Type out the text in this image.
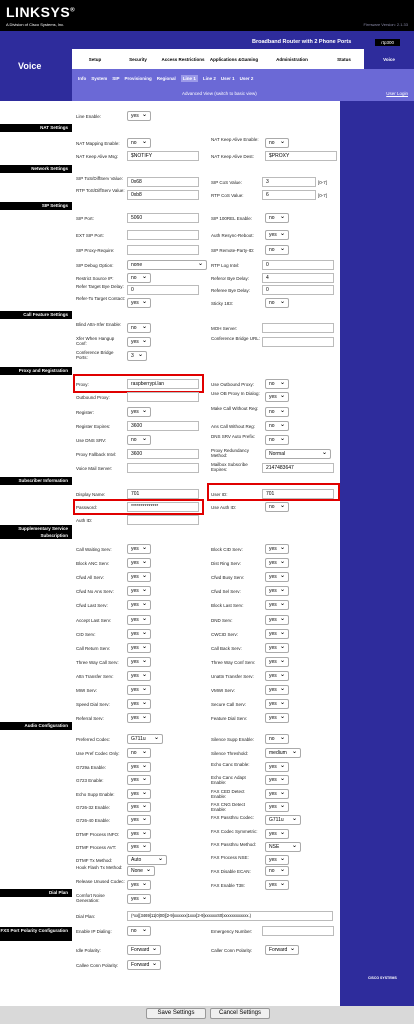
LINKSYS®
A Division of Cisco Systems, Inc.	Firmware Version: 2.1.33
Voice
Broadband Router with 2 Phone Ports	rtp300
Setup	Security	Access Restrictions	Applications &Gaming	Administration	Status	Voice
Info System SIP Provisioning Regional	Line 1	Line 2 User 1 User 2
Advanced View (switch to basic view)	User Login
CISCO SYSTEMS
NAT Settings
Network Settings
SIP Settings
Call Feature Settings
Proxy and Registration
Subscriber Information
Supplementary Service Subscription
Audio Configuration
Dial Plan
FXS Port Polarity Configuration
Line Enable:	yes ⌄
NAT Mapping Enable:	no ⌄
NAT Keep Alive Enable:
no ⌄
NAT Keep Alive Msg:	$NOTIFY	NAT Keep Alive Dest:	$PROXY
SIP ToS/DiffServ Value:
0x68	SIP CoS Value:	3	[0-7]
RTP ToS/DiffServ Value:
0xb8	RTP CoS Value:	6	[0-7]
SIP Port:	5060	SIP 100REL Enable:	no ⌄
EXT SIP Port:	Auth Resync-Reboot:	yes ⌄
SIP Proxy-Require:	SIP Remote-Party-ID:	no ⌄
SIP Debug Option:	none ⌄	RTP Log Intvl:	0
Restrict Source IP:	no ⌄	Referor Bye Delay:	4
Refer Target Bye Delay:
0	Referee Bye Delay:	0
Refer-To Target Contact:
yes ⌄	Sticky 183:	no ⌄
Blind Attn-Xfer Enable:
no ⌄	MOH Server:
Xfer When Hangup Conf:	yes ⌄
Conference Bridge URL:
Conference Bridge Ports:	3 ⌄
Proxy:	raspberrypi.lan	Use Outbound Proxy:	no ⌄
Outbound Proxy:
Use OB Proxy In Dialog:
yes ⌄
Register:	yes ⌄
Make Call Without Reg:
no ⌄
Register Expires:	3600	Ans Call Without Reg:	no ⌄
Use DNS SRV:	no ⌄
DNS SRV Auto Prefix:
no ⌄
Proxy Fallback Intvl:	3600
Proxy Redundancy Method:	Normal ⌄
Voice Mail Server:
Mailbox Subscribe Expires:	2147483647
Display Name:	701	User ID:	701
Password:	**************	Use Auth ID:	no ⌄
Auth ID:
Call Waiting Serv:	yes ⌄	Block CID Serv:	yes ⌄
Block ANC Serv:	yes ⌄	Dist Ring Serv:	yes ⌄
Cfwd All Serv:	yes ⌄	Cfwd Busy Serv:	yes ⌄
Cfwd No Ans Serv:	yes ⌄	Cfwd Sel Serv:	yes ⌄
Cfwd Last Serv:	yes ⌄	Block Last Serv:	yes ⌄
Accept Last Serv:	yes ⌄	DND Serv:	yes ⌄
CID Serv:	yes ⌄	CWCID Serv:	yes ⌄
Call Return Serv:	yes ⌄	Call Back Serv:	yes ⌄
Three Way Call Serv:	yes ⌄	Three Way Conf Serv:	yes ⌄
Attn Transfer Serv:	yes ⌄	Unattn Transfer Serv:	yes ⌄
MWI Serv:	yes ⌄	VMWI Serv:	yes ⌄
Speed Dial Serv:	yes ⌄	Secure Call Serv:	yes ⌄
Referral Serv:	yes ⌄	Feature Dial Serv:	yes ⌄
Preferred Codec:	G711u ⌄	Silence Supp Enable:	no ⌄
Use Pref Codec Only:	no ⌄	Silence Threshold:	medium ⌄
G729a Enable:	yes ⌄	Echo Canc Enable:	yes ⌄
G723 Enable:	yes ⌄	Echo Canc Adapt Enable:	yes ⌄
Echo Supp Enable:	yes ⌄	FAX CED Detect Enable:	yes ⌄
G726-32 Enable:	yes ⌄	FAX CNG Detect Enable:	yes ⌄
G726-40 Enable:	yes ⌄	FAX Passthru Codec:	G711u ⌄
DTMF Process INFO:	yes ⌄	FAX Codec Symmetric:	yes ⌄
DTMF Process AVT:	yes ⌄	FAX Passthru Method:	NSE ⌄
DTMF Tx Method:	Auto ⌄	FAX Process NSE:	yes ⌄
Hook Flash Tx Method:
None ⌄	FAX Disable ECAN:	no ⌄
Release Unused Codec:
yes ⌄	FAX Enable T38:	yes ⌄
Comfort Noise Generation:	yes ⌄
Dial Plan:	(*xx|[3469]11|0|00|[2-9]xxxxxx|1xxx[2-9]xxxxxxS0|xxxxxxxxxxxx.)
Enable IP Dialing:	no ⌄	Emergency Number:
Idle Polarity:	Forward ⌄	Caller Conn Polarity:	Forward ⌄
Callee Conn Polarity:	Forward ⌄
Save Settings	Cancel Settings
